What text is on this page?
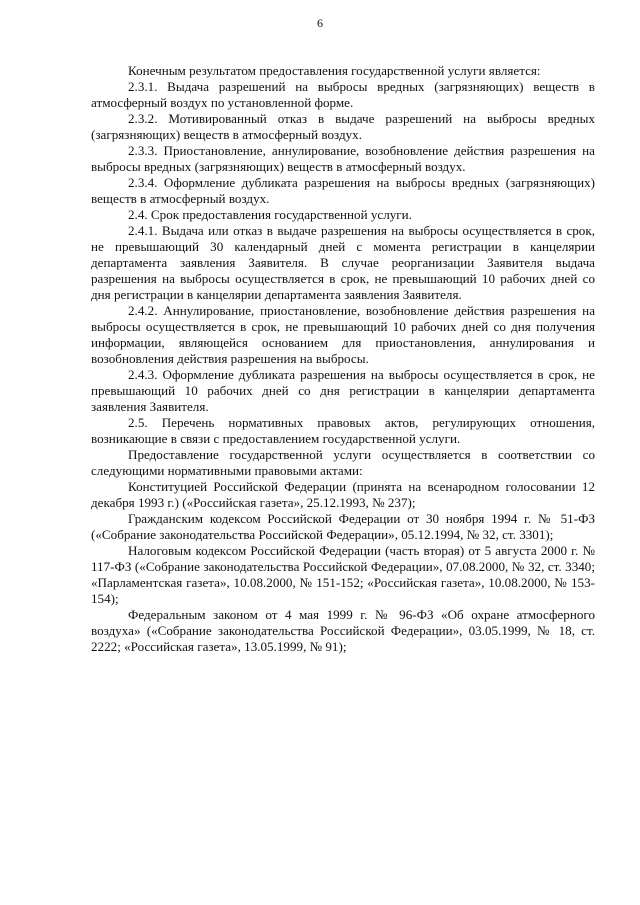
6

Конечным результатом предоставления государственной услуги является:

2.3.1. Выдача разрешений на выбросы вредных (загрязняющих) веществ в атмосферный воздух по установленной форме.

2.3.2. Мотивированный отказ в выдаче разрешений на выбросы вредных (загрязняющих) веществ в атмосферный воздух.

2.3.3. Приостановление, аннулирование, возобновление действия разрешения на выбросы вредных (загрязняющих) веществ в атмосферный воздух.

2.3.4. Оформление дубликата разрешения на выбросы вредных (загрязняющих) веществ в атмосферный воздух.

2.4. Срок предоставления государственной услуги.

2.4.1. Выдача или отказ в выдаче разрешения на выбросы осуществляется в срок, не превышающий 30 календарный дней с момента регистрации в канцелярии департамента заявления Заявителя. В случае реорганизации Заявителя выдача разрешения на выбросы осуществляется в срок, не превышающий 10 рабочих дней со дня регистрации в канцелярии департамента заявления Заявителя.

2.4.2. Аннулирование, приостановление, возобновление действия разрешения на выбросы осуществляется в срок, не превышающий 10 рабочих дней со дня получения информации, являющейся основанием для приостановления, аннулирования и возобновления действия разрешения на выбросы.

2.4.3. Оформление дубликата разрешения на выбросы осуществляется в срок, не превышающий 10 рабочих дней со дня регистрации в канцелярии департамента заявления Заявителя.

2.5. Перечень нормативных правовых актов, регулирующих отношения, возникающие в связи с предоставлением государственной услуги.

Предоставление государственной услуги осуществляется в соответствии со следующими нормативными правовыми актами:

Конституцией Российской Федерации (принята на всенародном голосовании 12 декабря 1993 г.) («Российская газета», 25.12.1993, № 237);

Гражданским кодексом Российской Федерации от 30 ноября 1994 г. № 51-ФЗ («Собрание законодательства Российской Федерации», 05.12.1994, № 32, ст. 3301);

Налоговым кодексом Российской Федерации (часть вторая) от 5 августа 2000 г. № 117-ФЗ («Собрание законодательства Российской Федерации», 07.08.2000, № 32, ст. 3340; «Парламентская газета», 10.08.2000, № 151-152; «Российская газета», 10.08.2000, № 153-154);

Федеральным законом от 4 мая 1999 г. № 96-ФЗ «Об охране атмосферного воздуха» («Собрание законодательства Российской Федерации», 03.05.1999, № 18, ст. 2222; «Российская газета», 13.05.1999, № 91);
